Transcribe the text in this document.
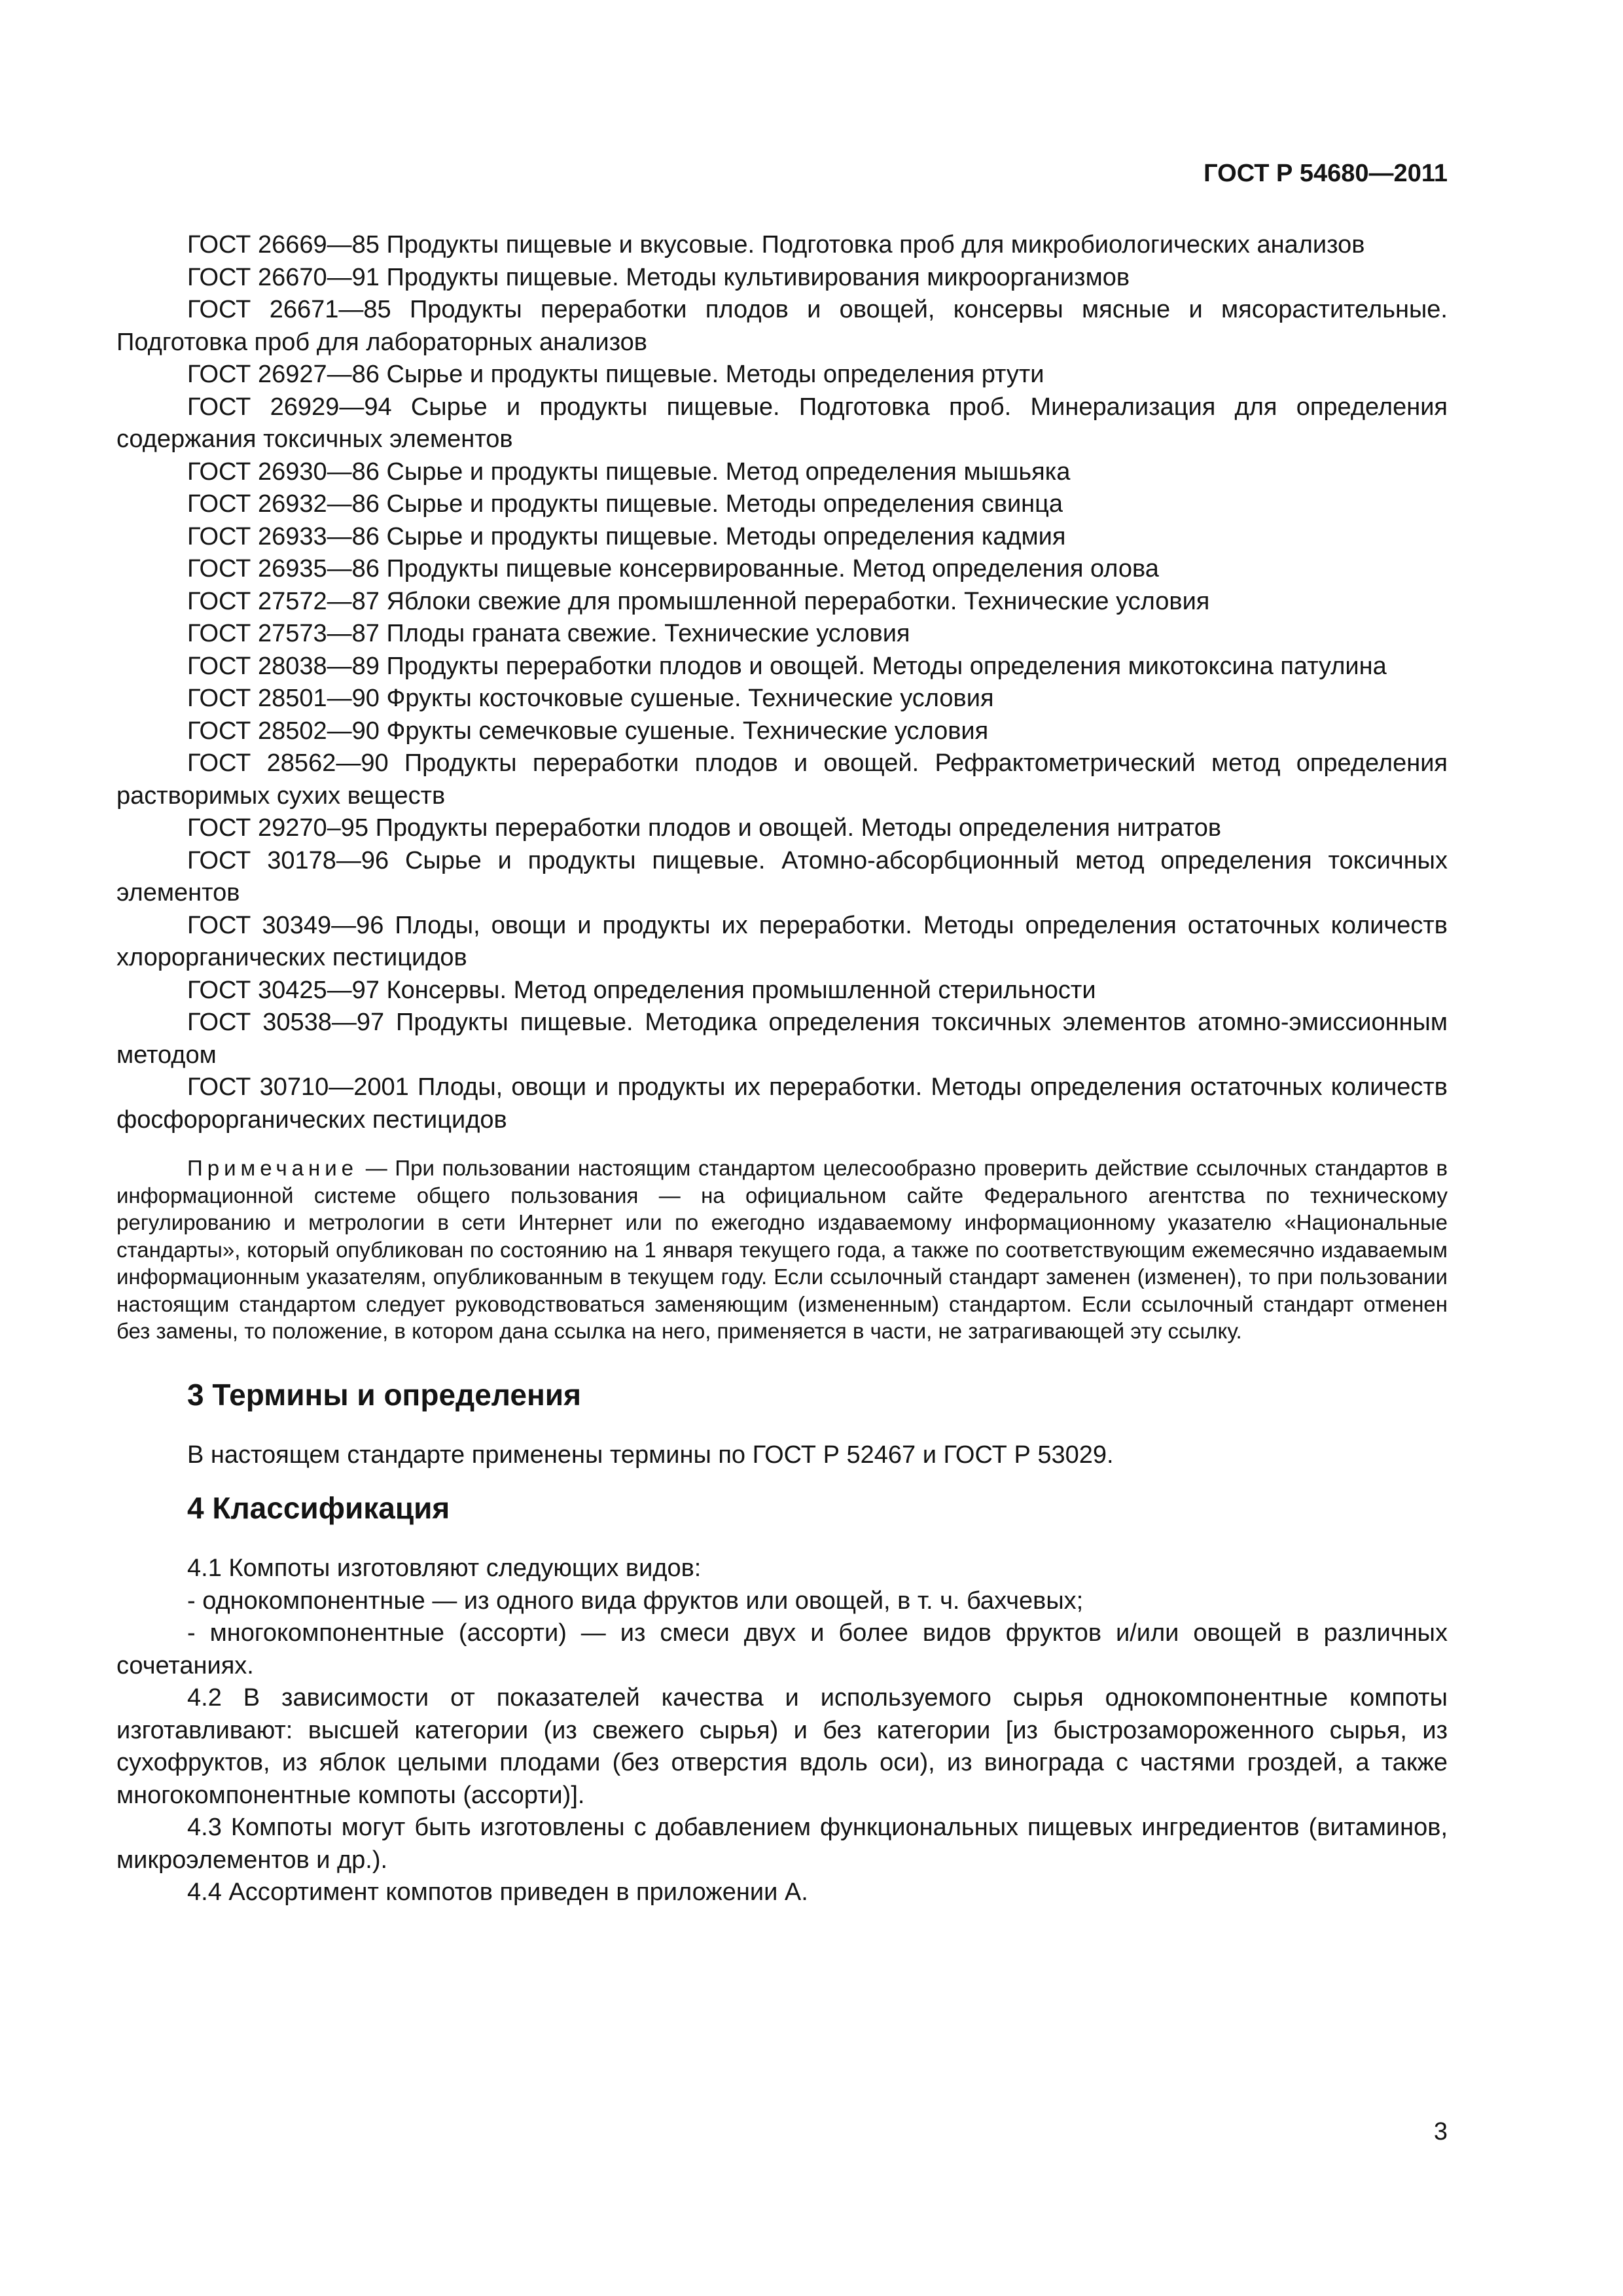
ГОСТ Р 54680—2011

ГОСТ 26669—85 Продукты пищевые и вкусовые. Подготовка проб для микробиологических анализов

ГОСТ 26670—91 Продукты пищевые. Методы культивирования микроорганизмов

ГОСТ 26671—85 Продукты переработки плодов и овощей, консервы мясные и мясорастительные. Подготовка проб для лабораторных анализов

ГОСТ 26927—86 Сырье и продукты пищевые. Методы определения ртути

ГОСТ 26929—94 Сырье и продукты пищевые. Подготовка проб. Минерализация для определения содержания токсичных элементов

ГОСТ 26930—86 Сырье и продукты пищевые. Метод определения мышьяка

ГОСТ 26932—86 Сырье и продукты пищевые. Методы определения свинца

ГОСТ 26933—86 Сырье и продукты пищевые. Методы определения кадмия

ГОСТ 26935—86 Продукты пищевые консервированные. Метод определения олова

ГОСТ 27572—87 Яблоки свежие для промышленной переработки. Технические условия

ГОСТ 27573—87 Плоды граната свежие. Технические условия

ГОСТ 28038—89 Продукты переработки плодов и овощей. Методы определения микотоксина патулина

ГОСТ 28501—90 Фрукты косточковые сушеные. Технические условия

ГОСТ 28502—90 Фрукты семечковые сушеные. Технические условия

ГОСТ 28562—90 Продукты переработки плодов и овощей. Рефрактометрический метод определения растворимых сухих веществ

ГОСТ 29270–95 Продукты переработки плодов и овощей. Методы определения нитратов

ГОСТ 30178—96 Сырье и продукты пищевые. Атомно-абсорбционный метод определения токсичных элементов

ГОСТ 30349—96 Плоды, овощи и продукты их переработки. Методы определения остаточных количеств хлорорганических пестицидов

ГОСТ 30425—97 Консервы. Метод определения промышленной стерильности

ГОСТ 30538—97 Продукты пищевые. Методика определения токсичных элементов атомно-эмиссионным методом

ГОСТ 30710—2001 Плоды, овощи и продукты их переработки. Методы определения остаточных количеств фосфорорганических пестицидов

Примечание — При пользовании настоящим стандартом целесообразно проверить действие ссылочных стандартов в информационной системе общего пользования — на официальном сайте Федерального агентства по техническому регулированию и метрологии в сети Интернет или по ежегодно издаваемому информационному указателю «Национальные стандарты», который опубликован по состоянию на 1 января текущего года, а также по соответствующим ежемесячно издаваемым информационным указателям, опубликованным в текущем году. Если ссылочный стандарт заменен (изменен), то при пользовании настоящим стандартом следует руководствоваться заменяющим (измененным) стандартом. Если ссылочный стандарт отменен без замены, то положение, в котором дана ссылка на него, применяется в части, не затрагивающей эту ссылку.

3 Термины и определения

В настоящем стандарте применены термины по ГОСТ Р 52467 и ГОСТ Р 53029.

4 Классификация

4.1 Компоты изготовляют следующих видов:

- однокомпонентные — из одного вида фруктов или овощей, в т. ч. бахчевых;

- многокомпонентные (ассорти) — из смеси двух и более видов фруктов и/или овощей в различных сочетаниях.

4.2 В зависимости от показателей качества и используемого сырья однокомпонентные компоты изготавливают: высшей категории (из свежего сырья) и без категории [из быстрозамороженного сырья, из сухофруктов, из яблок целыми плодами (без отверстия вдоль оси), из винограда с частями гроздей, а также многокомпонентные компоты (ассорти)].

4.3 Компоты могут быть изготовлены с добавлением функциональных пищевых ингредиентов (витаминов, микроэлементов и др.).

4.4 Ассортимент компотов приведен в приложении А.

3
